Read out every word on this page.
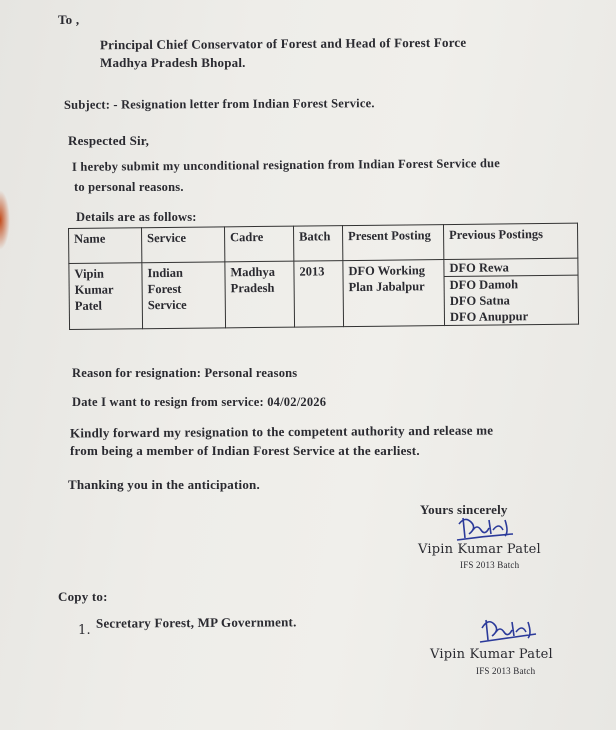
To ,
Principal Chief Conservator of Forest and Head of Forest Force
Madhya Pradesh Bhopal.
Subject: - Resignation letter from Indian Forest Service.
Respected Sir,
I hereby submit my unconditional resignation from Indian Forest Service due
to personal reasons.
Details are as follows:
Name	Service	Cadre	Batch	Present Posting	Previous Postings
Vipin Kumar Patel	Indian Forest Service	Madhya Pradesh	2013	DFO Working Plan Jabalpur	DFO Rewa
DFO Damoh
DFO Satna
DFO Anuppur
Reason for resignation: Personal reasons
Date I want to resign from service: 04/02/2026
Kindly forward my resignation to the competent authority and release me
from being a member of Indian Forest Service at the earliest.
Thanking you in the anticipation.
Yours sincerely
Vipin Kumar Patel
IFS 2013 Batch
Copy to:
1. Secretary Forest, MP Government.
Vipin Kumar Patel
IFS 2013 Batch
